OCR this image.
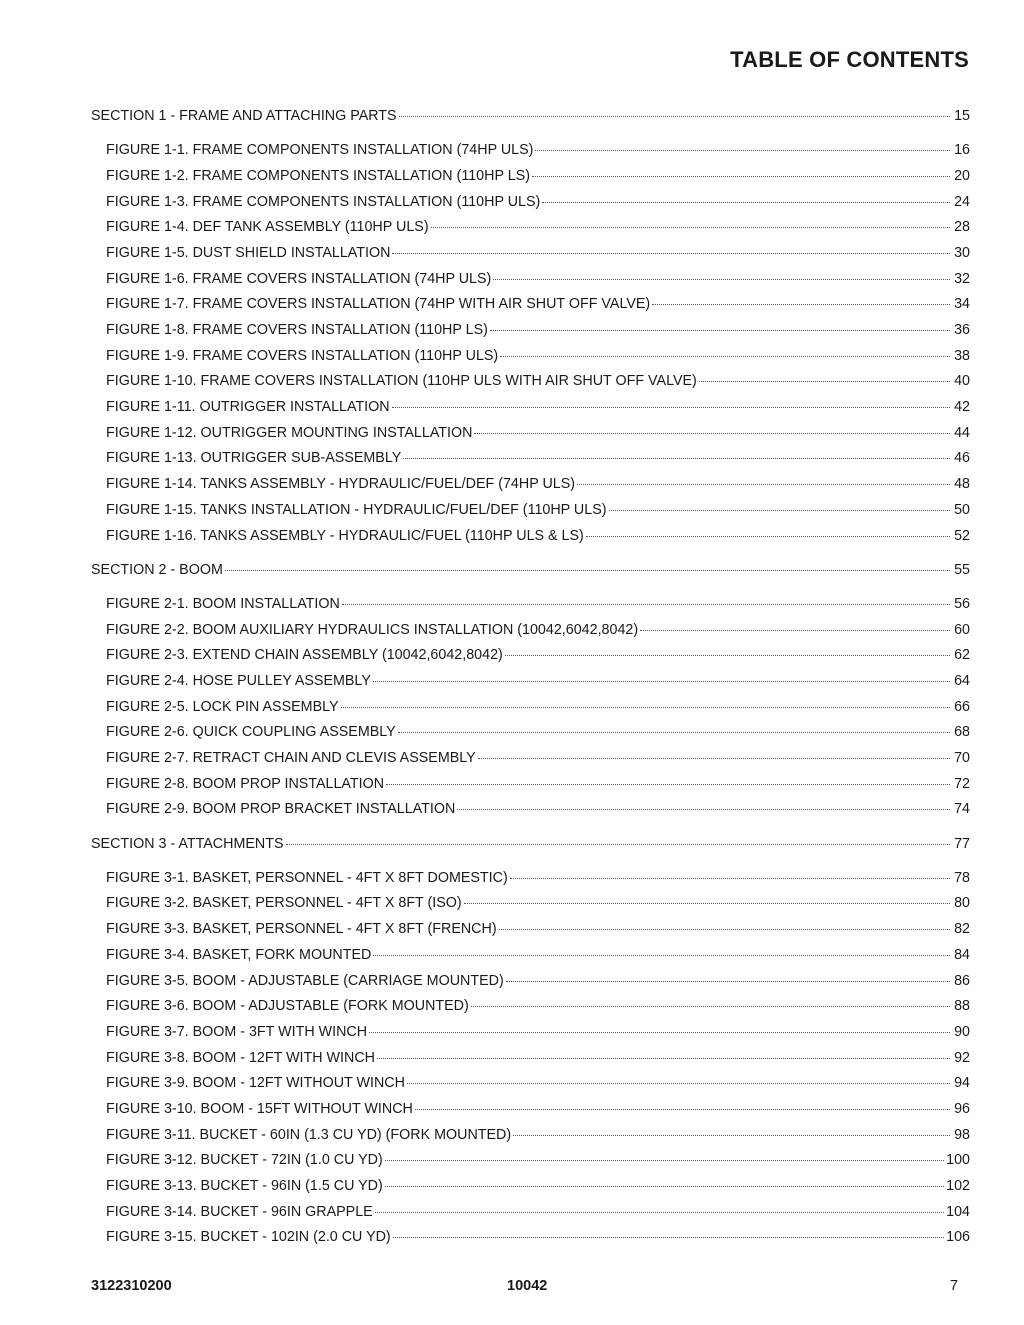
TABLE OF CONTENTS
SECTION 1 - FRAME AND ATTACHING PARTS	15
FIGURE 1-1. FRAME COMPONENTS INSTALLATION (74HP ULS)	16
FIGURE 1-2. FRAME COMPONENTS INSTALLATION (110HP LS)	20
FIGURE 1-3. FRAME COMPONENTS INSTALLATION (110HP ULS)	24
FIGURE 1-4. DEF TANK ASSEMBLY (110HP ULS)	28
FIGURE 1-5. DUST SHIELD INSTALLATION	30
FIGURE 1-6. FRAME COVERS INSTALLATION (74HP ULS)	32
FIGURE 1-7. FRAME COVERS INSTALLATION (74HP WITH AIR SHUT OFF VALVE)	34
FIGURE 1-8. FRAME COVERS INSTALLATION (110HP LS)	36
FIGURE 1-9. FRAME COVERS INSTALLATION (110HP ULS)	38
FIGURE 1-10. FRAME COVERS INSTALLATION (110HP ULS WITH AIR SHUT OFF VALVE)	40
FIGURE 1-11. OUTRIGGER INSTALLATION	42
FIGURE 1-12. OUTRIGGER MOUNTING INSTALLATION	44
FIGURE 1-13. OUTRIGGER SUB-ASSEMBLY	46
FIGURE 1-14. TANKS ASSEMBLY - HYDRAULIC/FUEL/DEF (74HP ULS)	48
FIGURE 1-15. TANKS INSTALLATION - HYDRAULIC/FUEL/DEF (110HP ULS)	50
FIGURE 1-16. TANKS ASSEMBLY - HYDRAULIC/FUEL (110HP ULS & LS)	52
SECTION 2 - BOOM	55
FIGURE 2-1. BOOM INSTALLATION	56
FIGURE 2-2. BOOM AUXILIARY HYDRAULICS INSTALLATION (10042,6042,8042)	60
FIGURE 2-3. EXTEND CHAIN ASSEMBLY (10042,6042,8042)	62
FIGURE 2-4. HOSE PULLEY ASSEMBLY	64
FIGURE 2-5. LOCK PIN ASSEMBLY	66
FIGURE 2-6. QUICK COUPLING ASSEMBLY	68
FIGURE 2-7. RETRACT CHAIN AND CLEVIS ASSEMBLY	70
FIGURE 2-8. BOOM PROP INSTALLATION	72
FIGURE 2-9. BOOM PROP BRACKET INSTALLATION	74
SECTION 3 - ATTACHMENTS	77
FIGURE 3-1. BASKET, PERSONNEL - 4FT X 8FT DOMESTIC)	78
FIGURE 3-2. BASKET, PERSONNEL - 4FT X 8FT (ISO)	80
FIGURE 3-3. BASKET, PERSONNEL - 4FT X 8FT (FRENCH)	82
FIGURE 3-4. BASKET, FORK MOUNTED	84
FIGURE 3-5. BOOM - ADJUSTABLE (CARRIAGE MOUNTED)	86
FIGURE 3-6. BOOM - ADJUSTABLE (FORK MOUNTED)	88
FIGURE 3-7. BOOM - 3FT WITH WINCH	90
FIGURE 3-8. BOOM - 12FT WITH WINCH	92
FIGURE 3-9. BOOM - 12FT WITHOUT WINCH	94
FIGURE 3-10. BOOM - 15FT WITHOUT WINCH	96
FIGURE 3-11. BUCKET - 60IN (1.3 CU YD) (FORK MOUNTED)	98
FIGURE 3-12. BUCKET - 72IN (1.0 CU YD)	100
FIGURE 3-13. BUCKET - 96IN (1.5 CU YD)	102
FIGURE 3-14. BUCKET - 96IN GRAPPLE	104
FIGURE 3-15. BUCKET - 102IN (2.0 CU YD)	106
3122310200	10042	7
